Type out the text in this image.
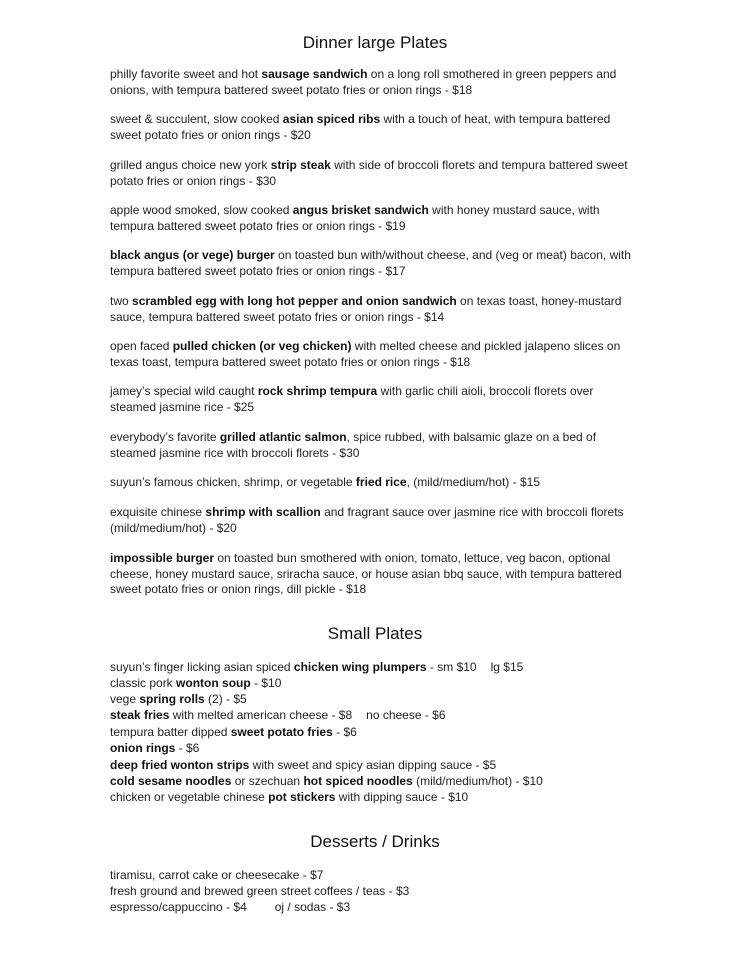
Dinner large Plates
philly favorite sweet and hot sausage sandwich on a long roll smothered in green peppers and onions, with tempura battered sweet potato fries or onion rings - $18
sweet & succulent, slow cooked asian spiced ribs with a touch of heat, with tempura battered sweet potato fries or onion rings - $20
grilled angus choice new york strip steak with side of broccoli florets and tempura battered sweet potato fries or onion rings - $30
apple wood smoked, slow cooked angus brisket sandwich with honey mustard sauce, with tempura battered sweet potato fries or onion rings - $19
black angus (or vege) burger on toasted bun with/without cheese, and (veg or meat) bacon, with tempura battered sweet potato fries or onion rings - $17
two scrambled egg with long hot pepper and onion sandwich on texas toast, honey-mustard sauce, tempura battered sweet potato fries or onion rings - $14
open faced pulled chicken (or veg chicken) with melted cheese and pickled jalapeno slices on texas toast, tempura battered sweet potato fries or onion rings - $18
jamey’s special wild caught rock shrimp tempura with garlic chili aioli, broccoli florets over steamed jasmine rice - $25
everybody’s favorite grilled atlantic salmon, spice rubbed, with balsamic glaze on a bed of steamed jasmine rice with broccoli florets - $30
suyun’s famous chicken, shrimp, or vegetable fried rice, (mild/medium/hot) - $15
exquisite chinese shrimp with scallion and fragrant sauce over jasmine rice with broccoli florets (mild/medium/hot) - $20
impossible burger on toasted bun smothered with onion, tomato, lettuce, veg bacon, optional cheese, honey mustard sauce, sriracha sauce, or house asian bbq sauce, with tempura battered sweet potato fries or onion rings, dill pickle - $18
Small Plates
suyun’s finger licking asian spiced chicken wing plumpers - sm $10 lg $15
classic pork wonton soup - $10
vege spring rolls (2) - $5
steak fries with melted american cheese - $8 no cheese - $6
tempura batter dipped sweet potato fries - $6
onion rings - $6
deep fried wonton strips with sweet and spicy asian dipping sauce - $5
cold sesame noodles or szechuan hot spiced noodles (mild/medium/hot) - $10
chicken or vegetable chinese pot stickers with dipping sauce - $10
Desserts / Drinks
tiramisu, carrot cake or cheesecake - $7
fresh ground and brewed green street coffees / teas - $3
espresso/cappuccino - $4 oj / sodas - $3
